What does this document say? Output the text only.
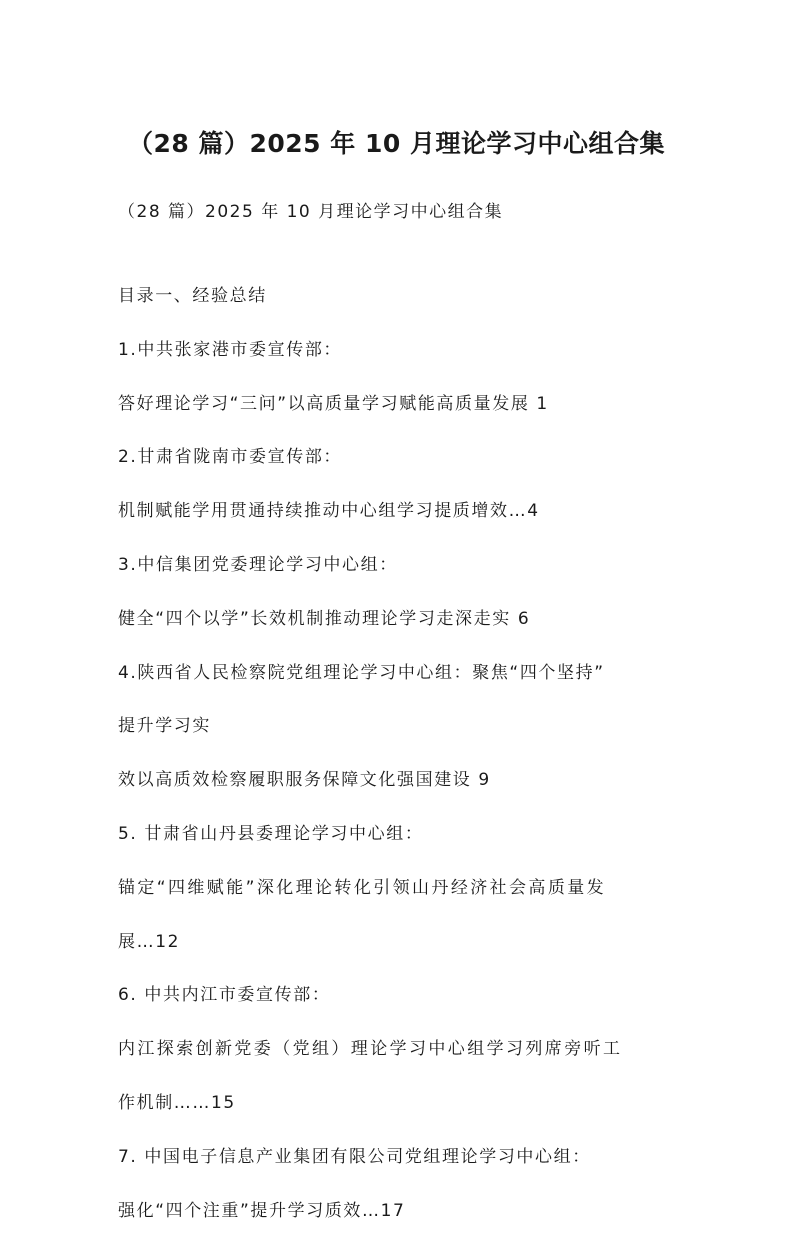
（28 篇）2025 年 10 月理论学习中心组合集

（28 篇）2025 年 10 月理论学习中心组合集

目录一、经验总结
1.中共张家港市委宣传部：
答好理论学习“三问”以高质量学习赋能高质量发展 1
2.甘肃省陇南市委宣传部：
机制赋能学用贯通持续推动中心组学习提质增效…4
3.中信集团党委理论学习中心组：
健全“四个以学”长效机制推动理论学习走深走实 6
4.陕西省人民检察院党组理论学习中心组：聚焦“四个坚持”
提升学习实
效以高质效检察履职服务保障文化强国建设 9
5. 甘肃省山丹县委理论学习中心组：
锚定“四维赋能”深化理论转化引领山丹经济社会高质量发
展…12
6. 中共内江市委宣传部：
内江探索创新党委（党组）理论学习中心组学习列席旁听工
作机制……15
7. 中国电子信息产业集团有限公司党组理论学习中心组：
强化“四个注重”提升学习质效…17
